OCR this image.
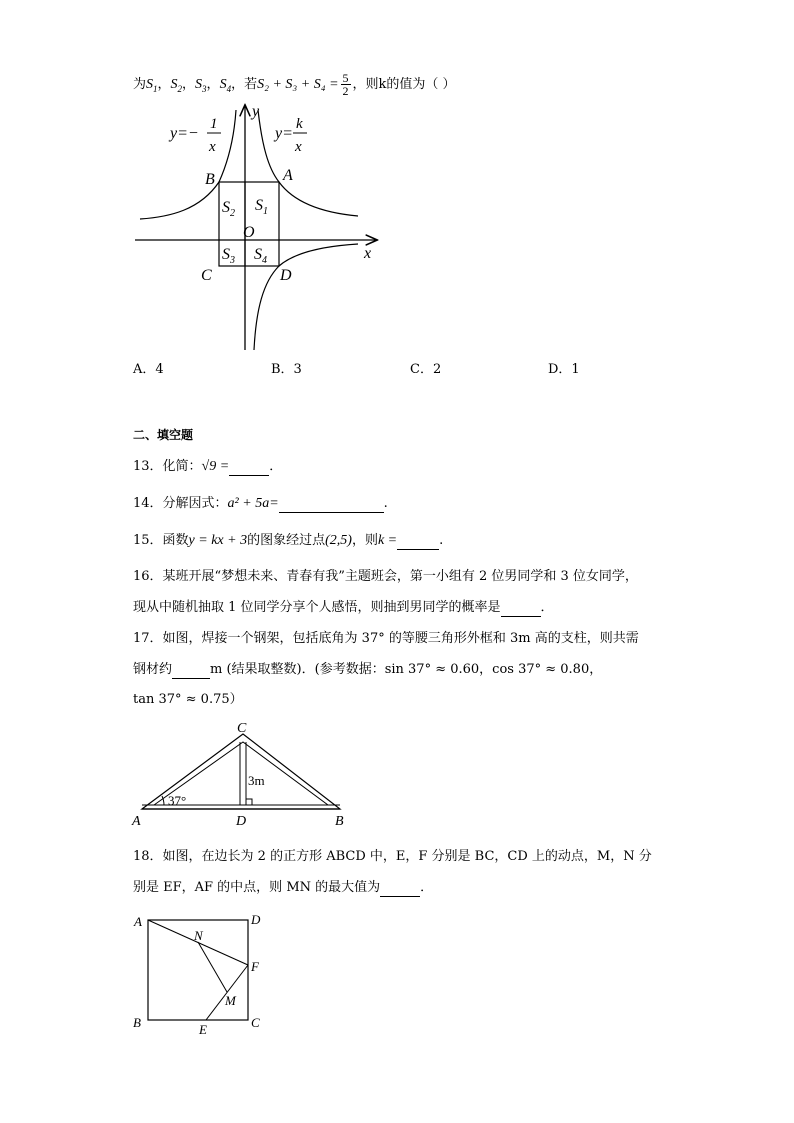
为$S_1$，$S_2$，$S_3$，$S_4$，若$S_2 + S_3 + S_4 = \frac{5}{2}$ ，则k的值为（ ）
y=−
1
x
y=
k
x
y
x
O
A
B
C	D
$S_1$
$S_2$
$S_3$ $S_4$
A．4	B．3	C．2	D．1
二、填空题
13．化简：√9 =	．
14．分解因式：a² + 5a=	.
15．函数y = kx + 3的图象经过点(2,5)，则k =	.
16．某班开展“梦想未来、青春有我”主题班会，第一小组有 2 位男同学和 3 位女同学，
现从中随机抽取 1 位同学分享个人感悟，则抽到男同学的概率是	．
17．如图，焊接一个钢架，包括底角为 37° 的等腰三角形外框和 3m 高的支柱，则共需
钢材约	m (结果取整数)．(参考数据：sin 37° ≈ 0.60，cos 37° ≈ 0.80，
tan 37° ≈ 0.75）
37°
3m
A	D	B
C
18．如图，在边长为 2 的正方形 ABCD 中，E，F 分别是 BC，CD 上的动点，M，N 分
别是 EF，AF 的中点，则 MN 的最大值为	．
A	D
B	C
E
F
M
N
